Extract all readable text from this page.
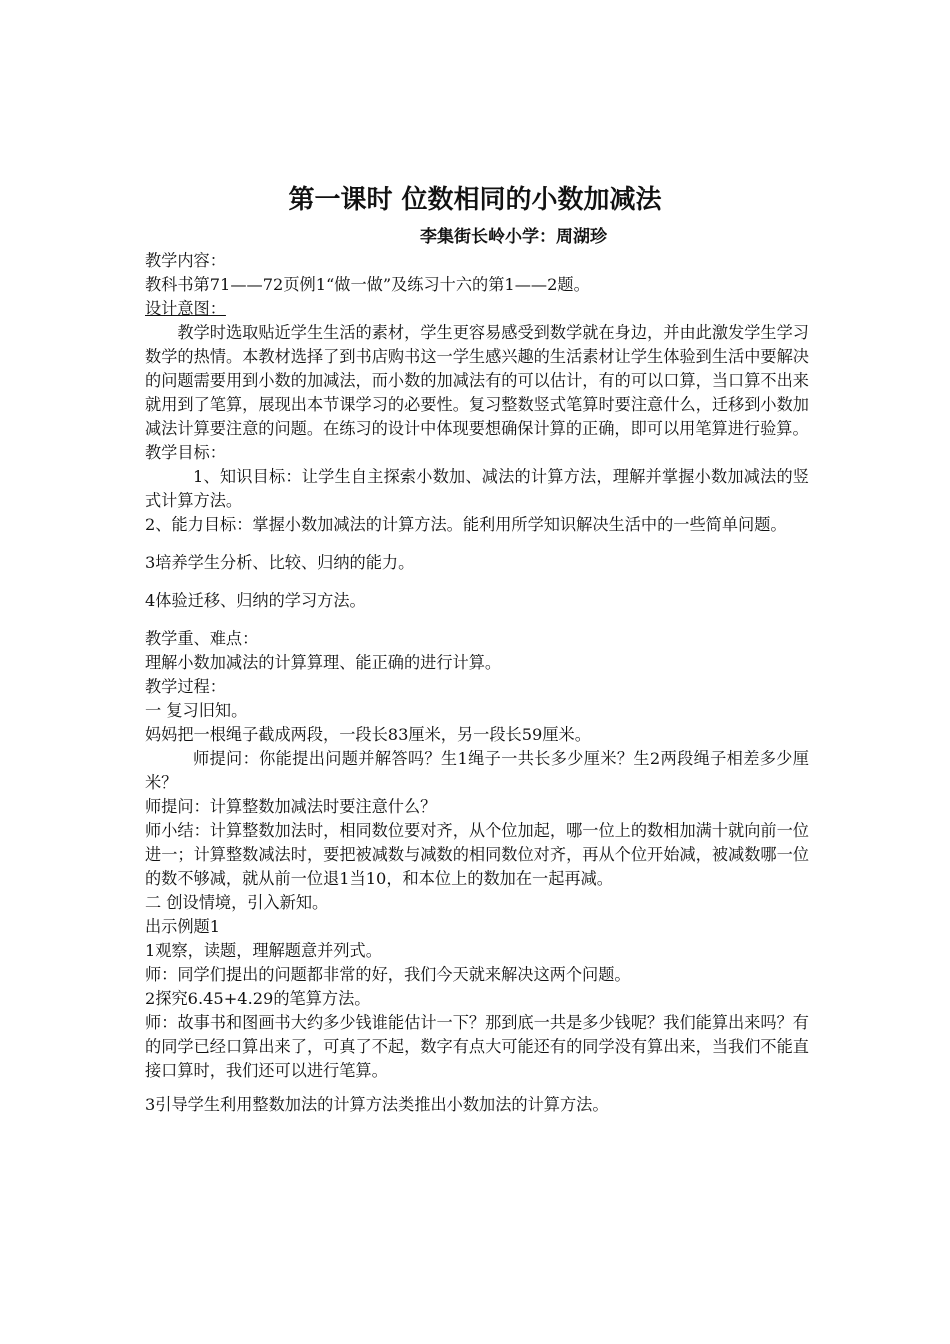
第一课时 位数相同的小数加减法
李集街长岭小学：周湖珍

教学内容：

教科书第71——72页例1“做一做”及练习十六的第1——2题。

设计意图：

教学时选取贴近学生生活的素材，学生更容易感受到数学就在身边，并由此激发学生学习数学的热情。本教材选择了到书店购书这一学生感兴趣的生活素材让学生体验到生活中要解决的问题需要用到小数的加减法，而小数的加减法有的可以估计，有的可以口算，当口算不出来就用到了笔算，展现出本节课学习的必要性。复习整数竖式笔算时要注意什么，迁移到小数加减法计算要注意的问题。在练习的设计中体现要想确保计算的正确，即可以用笔算进行验算。

教学目标：

1、知识目标：让学生自主探索小数加、减法的计算方法，理解并掌握小数加减法的竖式计算方法。

2、能力目标：掌握小数加减法的计算方法。能利用所学知识解决生活中的一些简单问题。

3培养学生分析、比较、归纳的能力。

4体验迁移、归纳的学习方法。

教学重、难点：

理解小数加减法的计算算理、能正确的进行计算。

教学过程：

一 复习旧知。

妈妈把一根绳子截成两段，一段长83厘米，另一段长59厘米。

师提问：你能提出问题并解答吗？生1绳子一共长多少厘米？生2两段绳子相差多少厘米？

师提问：计算整数加减法时要注意什么？

师小结：计算整数加法时，相同数位要对齐，从个位加起，哪一位上的数相加满十就向前一位进一；计算整数减法时，要把被减数与减数的相同数位对齐，再从个位开始减，被减数哪一位的数不够减，就从前一位退1当10，和本位上的数加在一起再减。

二 创设情境，引入新知。

出示例题1

1观察，读题，理解题意并列式。

师：同学们提出的问题都非常的好，我们今天就来解决这两个问题。

2探究6.45+4.29的笔算方法。

师：故事书和图画书大约多少钱谁能估计一下？那到底一共是多少钱呢？我们能算出来吗？有的同学已经口算出来了，可真了不起，数字有点大可能还有的同学没有算出来，当我们不能直接口算时，我们还可以进行笔算。

3引导学生利用整数加法的计算方法类推出小数加法的计算方法。
